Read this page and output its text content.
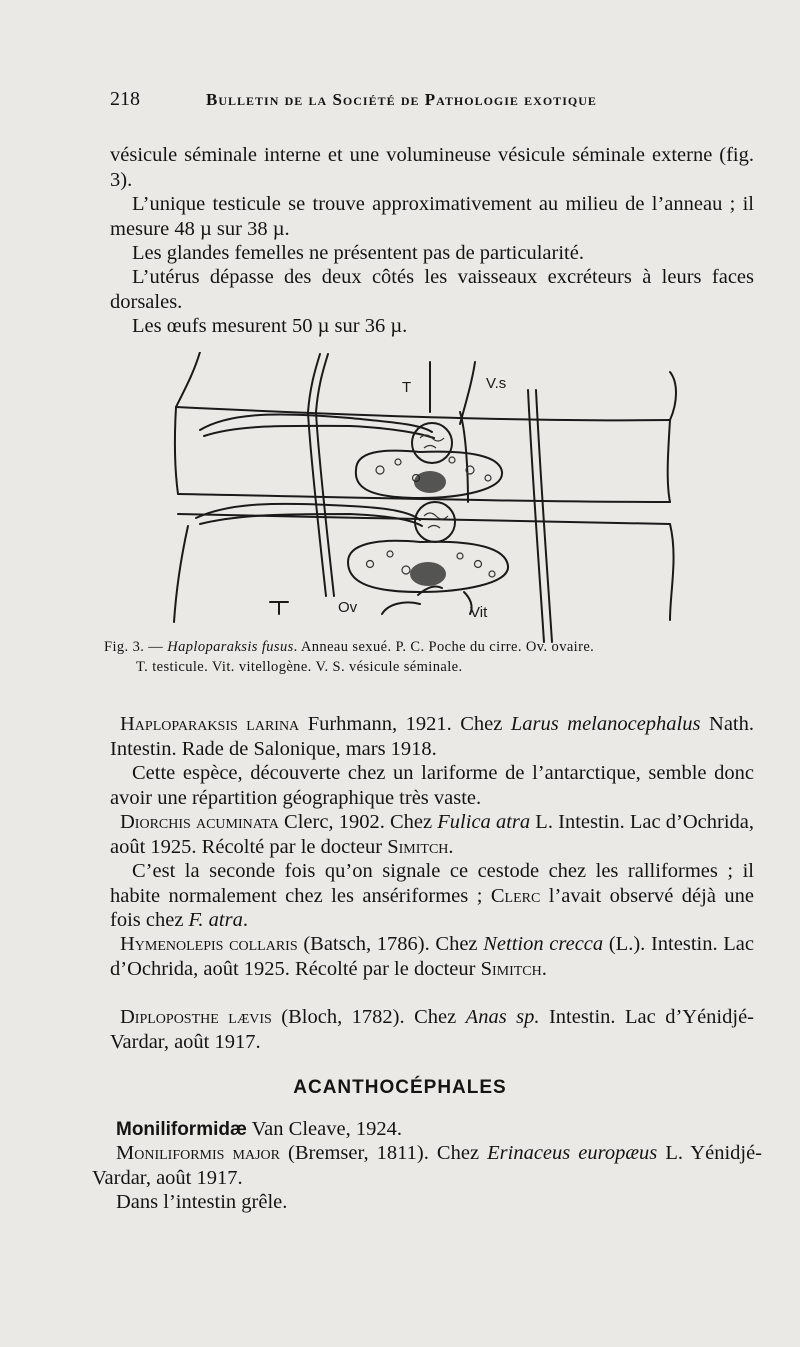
218	Bulletin de la Société de Pathologie exotique

vésicule séminale interne et une volumineuse vésicule séminale externe (fig. 3).

L’unique testicule se trouve approximativement au milieu de l’anneau ; il mesure 48 µ sur 38 µ.

Les glandes femelles ne présentent pas de particularité.

L’utérus dépasse des deux côtés les vaisseaux excréteurs à leurs faces dorsales.

Les œufs mesurent 50 µ sur 36 µ.

T	V.s
Ov	Vit
Fig. 3. — Haploparaksis fusus. Anneau sexué. P. C. Poche du cirre. Ov. ovaire.
T. testicule. Vit. vitellogène. V. S. vésicule séminale.

Haploparaksis larina Furhmann, 1921. Chez Larus melanocephalus Nath. Intestin. Rade de Salonique, mars 1918.

Cette espèce, découverte chez un lariforme de l’antarctique, semble donc avoir une répartition géographique très vaste.

Diorchis acuminata Clerc, 1902. Chez Fulica atra L. Intestin. Lac d’Ochrida, août 1925. Récolté par le docteur Simitch.

C’est la seconde fois qu’on signale ce cestode chez les ralliformes ; il habite normalement chez les ansériformes ; Clerc l’avait observé déjà une fois chez F. atra.

Hymenolepis collaris (Batsch, 1786). Chez Nettion crecca (L.). Intestin. Lac d’Ochrida, août 1925. Récolté par le docteur Simitch.

Diploposthe lævis (Bloch, 1782). Chez Anas sp. Intestin. Lac d’Yénidjé-Vardar, août 1917.

ACANTHOCÉPHALES

Moniliformidæ Van Cleave, 1924.

Moniliformis major (Bremser, 1811). Chez Erinaceus europæus L. Yénidjé-Vardar, août 1917.

Dans l’intestin grêle.
